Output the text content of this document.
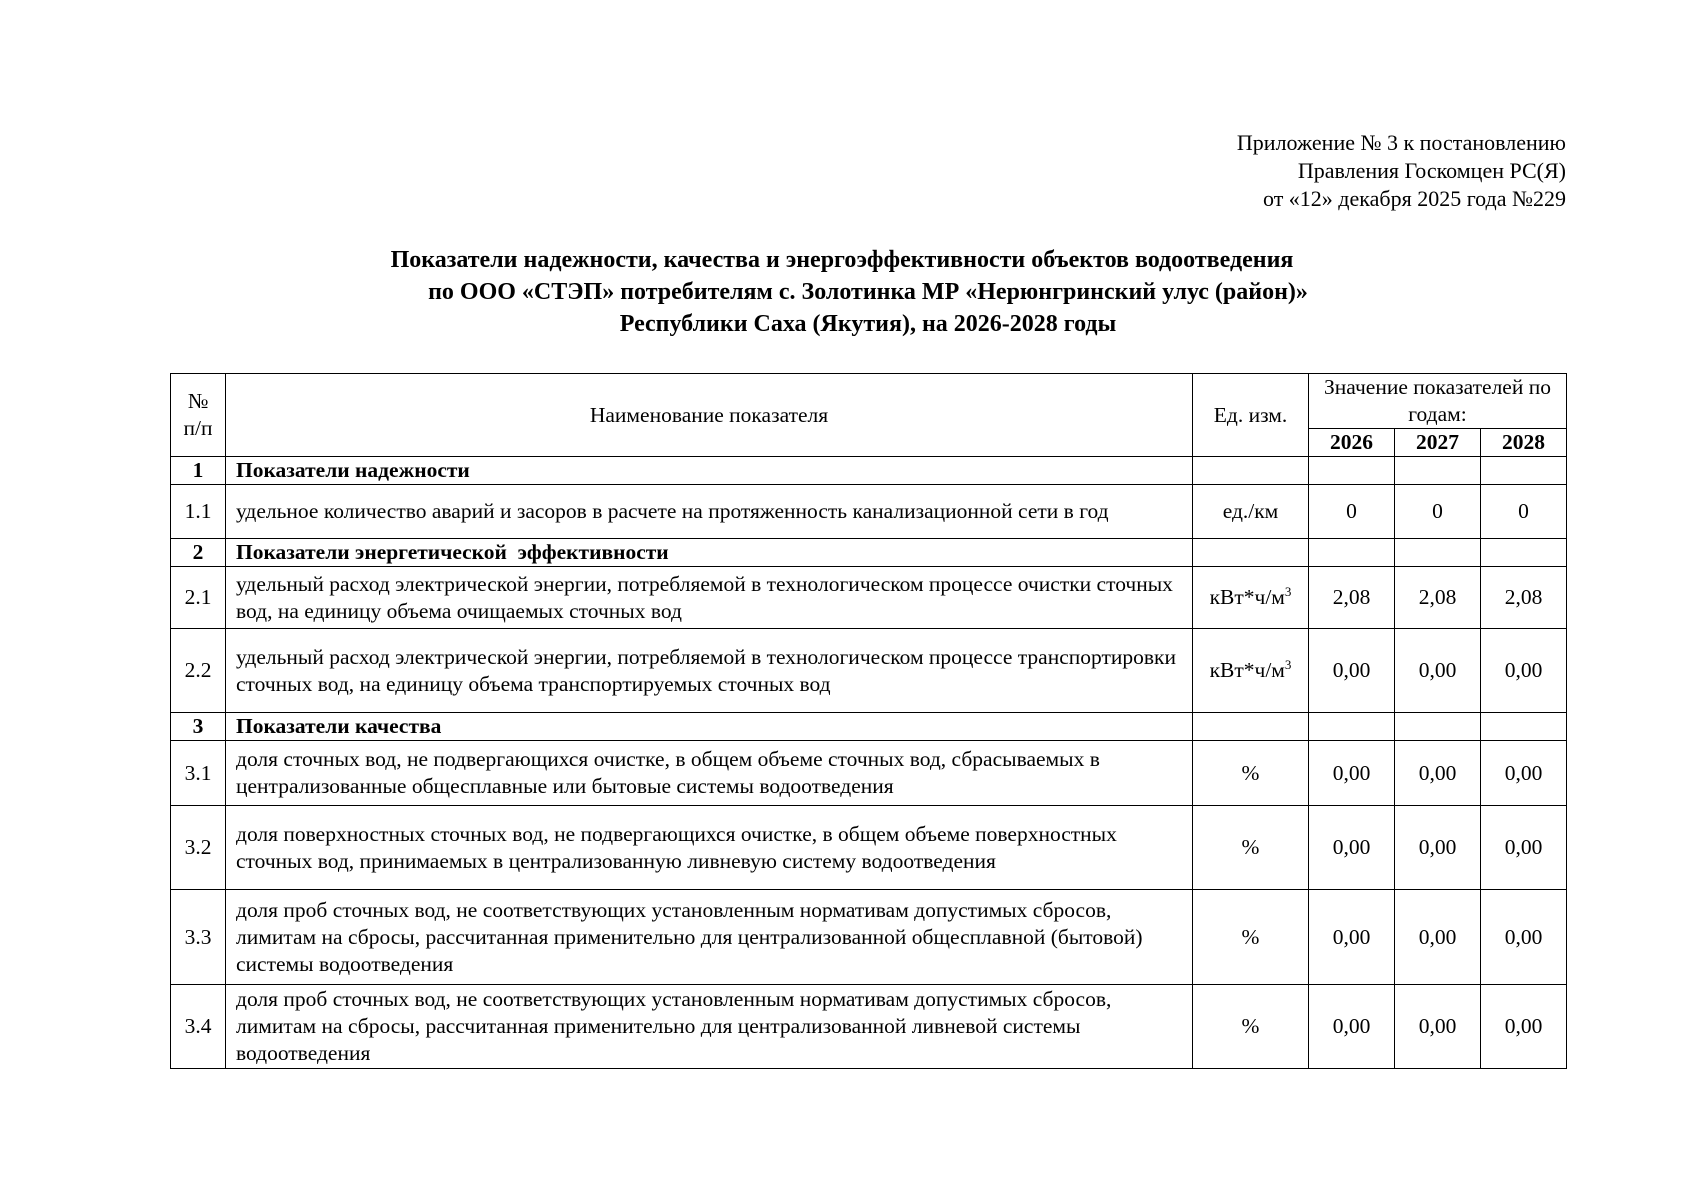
Приложение № 3 к постановлению
Правления Госкомцен РС(Я)
от «12» декабря 2025 года №229
Показатели надежности, качества и энергоэффективности объектов водоотведения
по ООО «СТЭП» потребителям с. Золотинка МР «Нерюнгринский улус (район)»
Республики Саха (Якутия), на 2026-2028 годы
№ п/п	Наименование показателя	Ед. изм.	Значение показателей по годам:		
			2026	2027	2028
1	Показатели надежности				
1.1	удельное количество аварий и засоров в расчете на протяженность канализационной сети в год	ед./км	0	0	0
2	Показатели энергетической  эффективности				
2.1	удельный расход электрической энергии, потребляемой в технологическом процессе очистки сточных вод, на единицу объема очищаемых сточных вод	$кВт*ч/м^3$	2,08	2,08	2,08
2.2	удельный расход электрической энергии, потребляемой в технологическом процессе транспортировки сточных вод, на единицу объема транспортируемых сточных вод	$кВт*ч/м^3$	0,00	0,00	0,00
3	Показатели качества				
3.1	доля сточных вод, не подвергающихся очистке, в общем объеме сточных вод, сбрасываемых в централизованные общесплавные или бытовые системы водоотведения	%	0,00	0,00	0,00
3.2	доля поверхностных сточных вод, не подвергающихся очистке, в общем объеме поверхностных сточных вод, принимаемых в централизованную ливневую систему водоотведения	%	0,00	0,00	0,00
3.3	доля проб сточных вод, не соответствующих установленным нормативам допустимых сбросов, лимитам на сбросы, рассчитанная применительно для централизованной общесплавной (бытовой) системы водоотведения	%	0,00	0,00	0,00
3.4	доля проб сточных вод, не соответствующих установленным нормативам допустимых сбросов, лимитам на сбросы, рассчитанная применительно для централизованной ливневой системы водоотведения	%	0,00	0,00	0,00
